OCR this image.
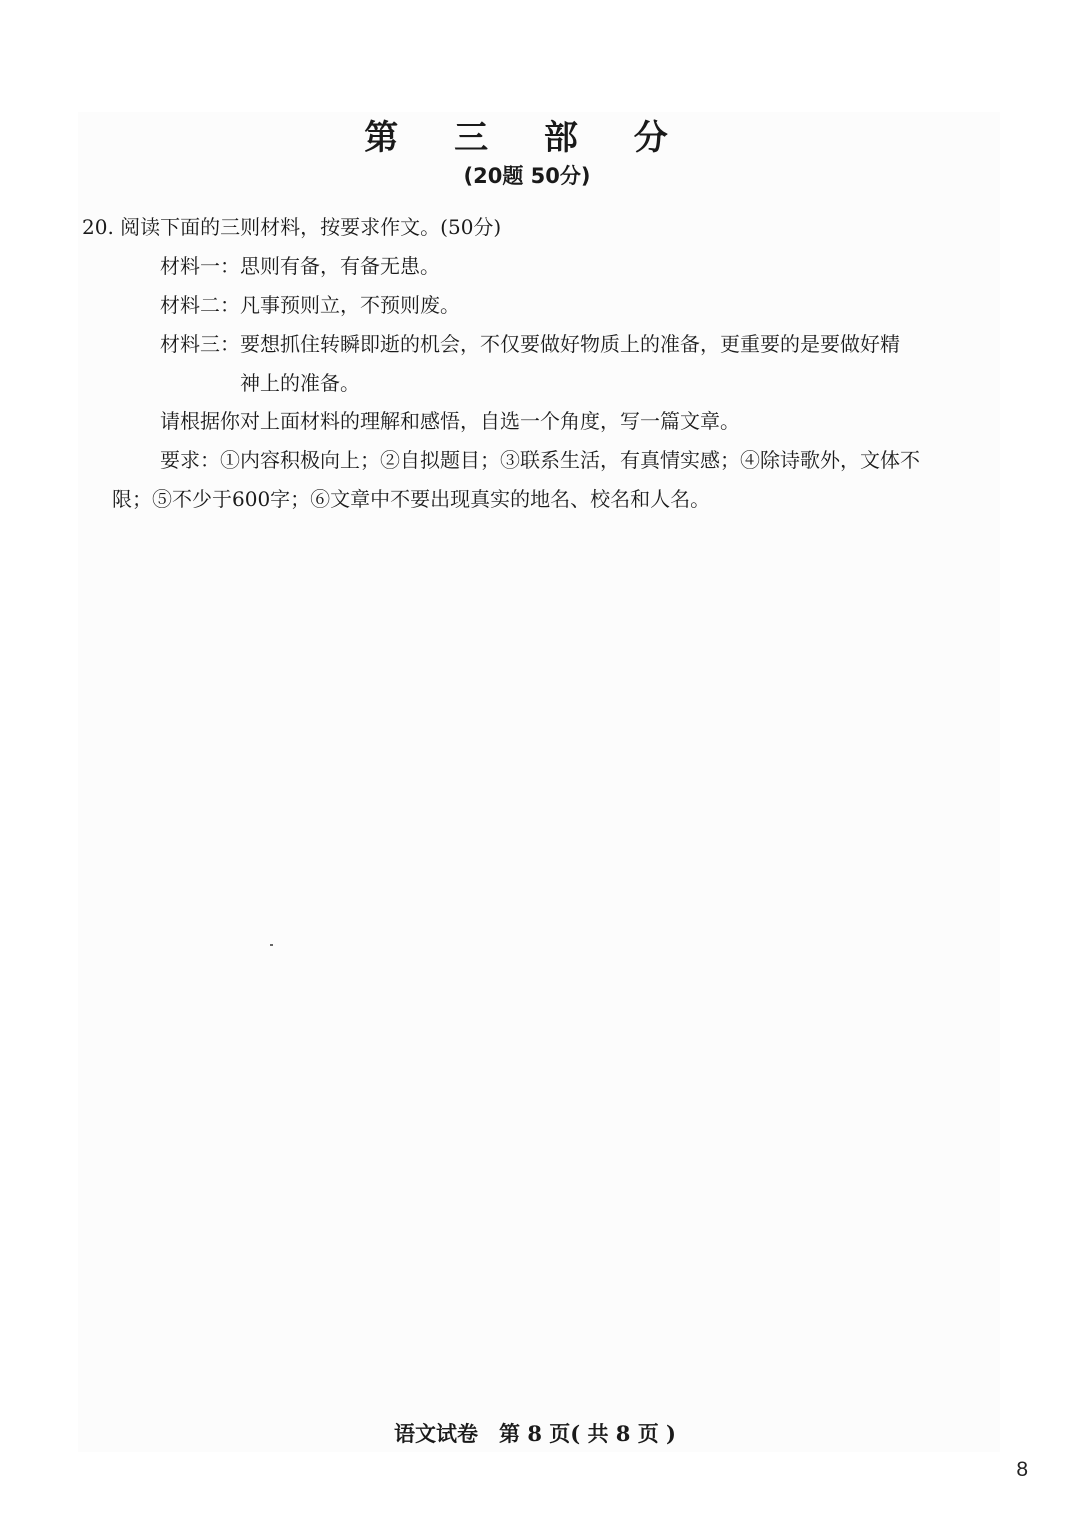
第 三 部 分
(20题 50分)
20. 阅读下面的三则材料，按要求作文。(50分)
材料一：思则有备，有备无患。
材料二：凡事预则立，不预则废。
材料三：要想抓住转瞬即逝的机会，不仅要做好物质上的准备，更重要的是要做好精
神上的准备。
请根据你对上面材料的理解和感悟，自选一个角度，写一篇文章。
要求：①内容积极向上；②自拟题目；③联系生活，有真情实感；④除诗歌外，文体不
限；⑤不少于600字；⑥文章中不要出现真实的地名、校名和人名。
语文试卷　第 8 页( 共 8 页 )
8
